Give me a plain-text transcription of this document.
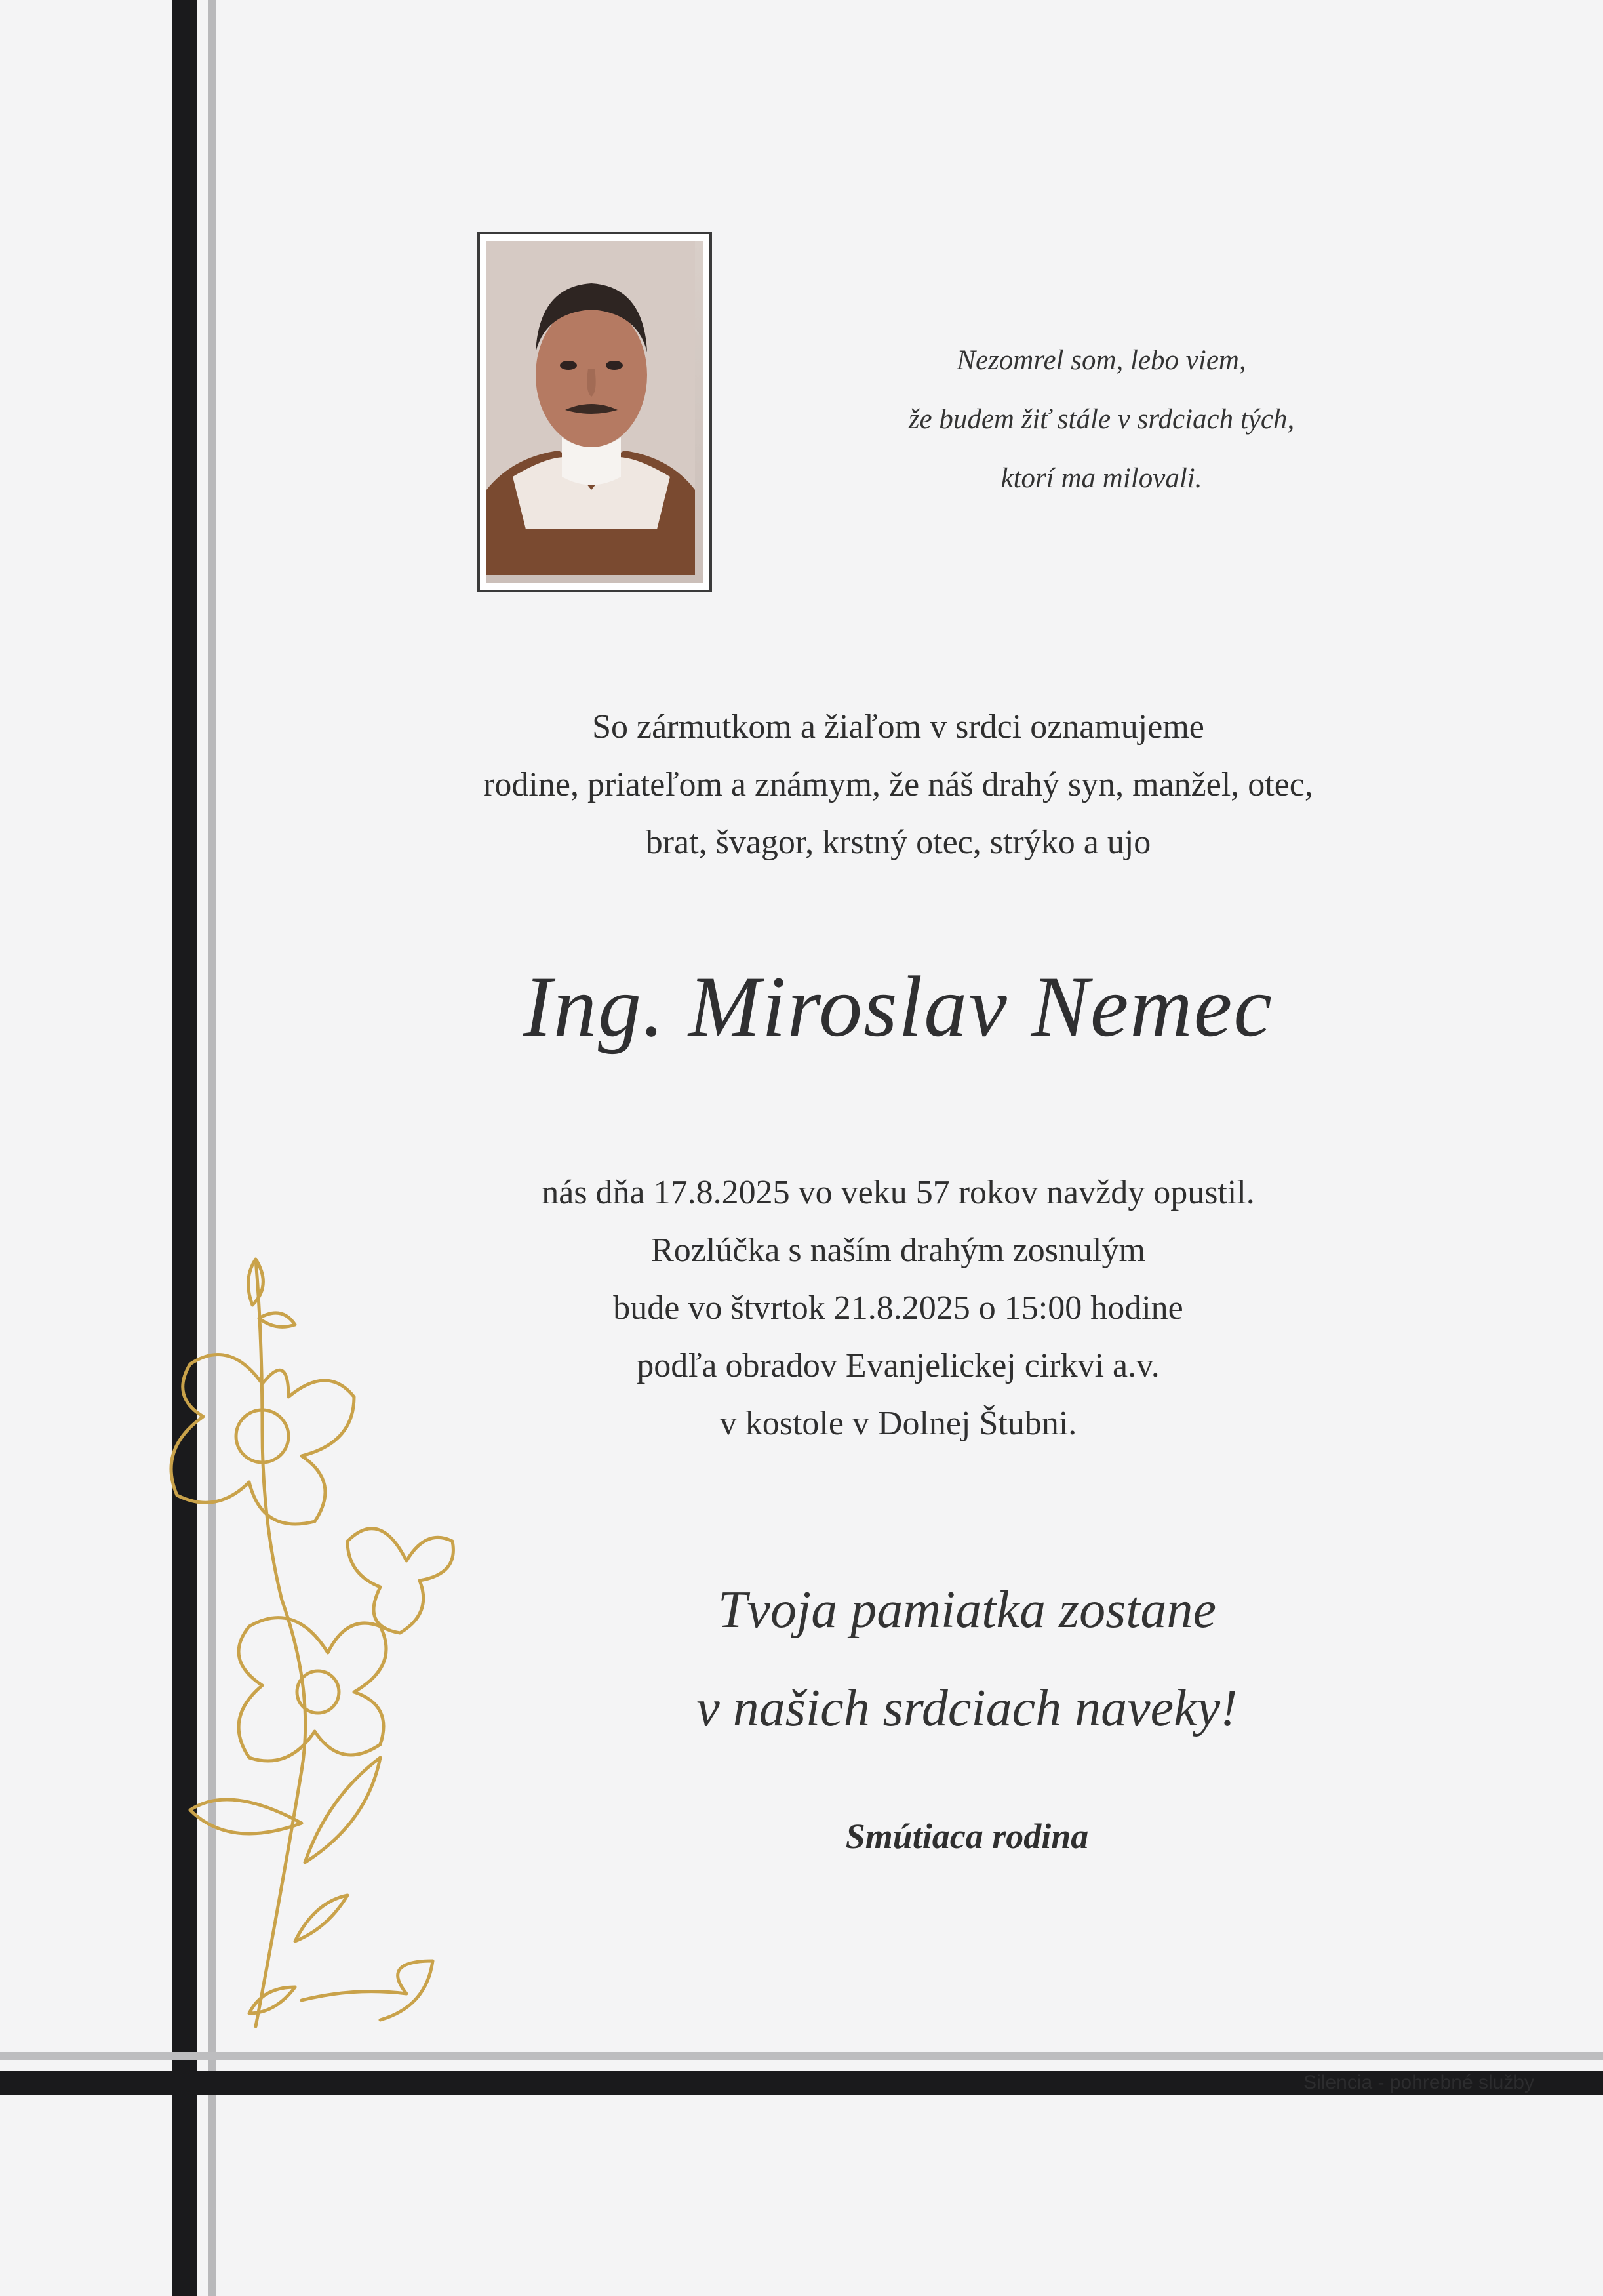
Nezomrel som, lebo viem,
že budem žiť stále v srdciach tých,
ktorí ma milovali.
So zármutkom a žiaľom v srdci oznamujeme
rodine, priateľom a známym, že náš drahý syn, manžel, otec,
brat, švagor, krstný otec, strýko a ujo
Ing. Miroslav Nemec
nás dňa 17.8.2025 vo veku 57 rokov navždy opustil.
Rozlúčka s naším drahým zosnulým
bude vo štvrtok 21.8.2025 o 15:00 hodine
podľa obradov Evanjelickej cirkvi a.v.
v kostole v Dolnej Štubni.
Tvoja pamiatka zostane
v našich srdciach naveky!
Smútiaca rodina
Silencia - pohrebné služby
